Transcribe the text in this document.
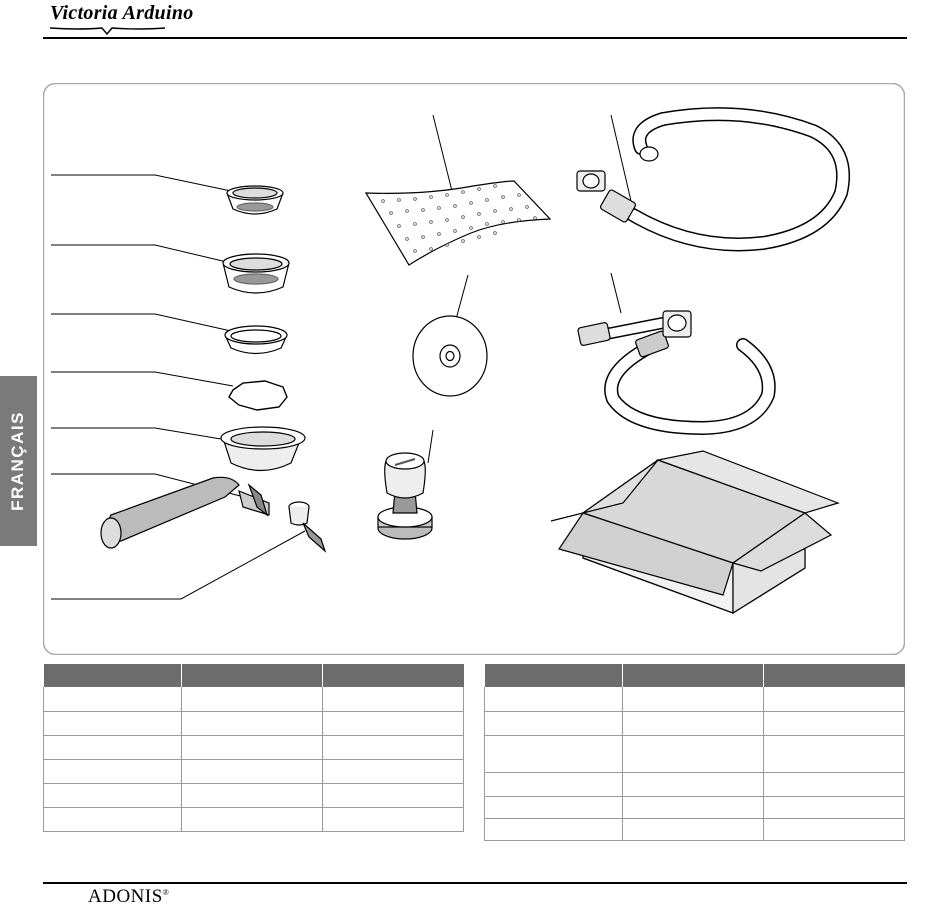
Victoria Arduino
FRANÇAIS

ADONIS®
